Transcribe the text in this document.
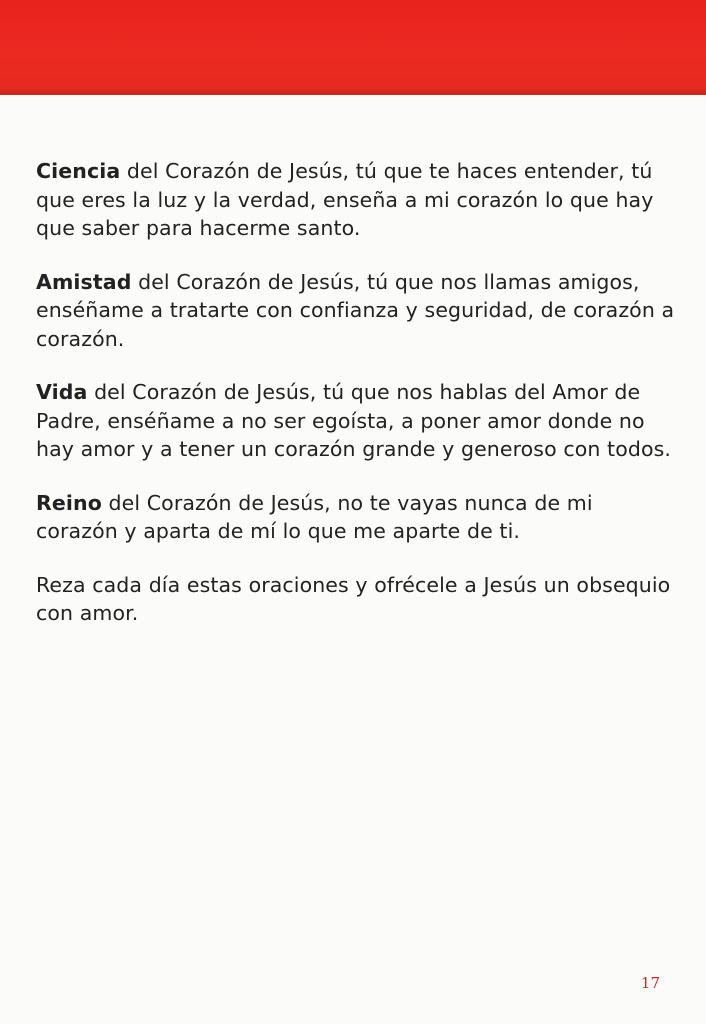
Ciencia del Corazón de Jesús, tú que te haces entender, tú que eres la luz y la verdad, enseña a mi corazón lo que hay que saber para hacerme santo.

Amistad del Corazón de Jesús, tú que nos llamas amigos, enséñame a tratarte con confianza y seguridad, de corazón a corazón.

Vida del Corazón de Jesús, tú que nos hablas del Amor de Padre, enséñame a no ser egoísta, a poner amor donde no hay amor y a tener un corazón grande y generoso con todos.

Reino del Corazón de Jesús, no te vayas nunca de mi corazón y aparta de mí lo que me aparte de ti.

Reza cada día estas oraciones y ofrécele a Jesús un obsequio con amor.

17
